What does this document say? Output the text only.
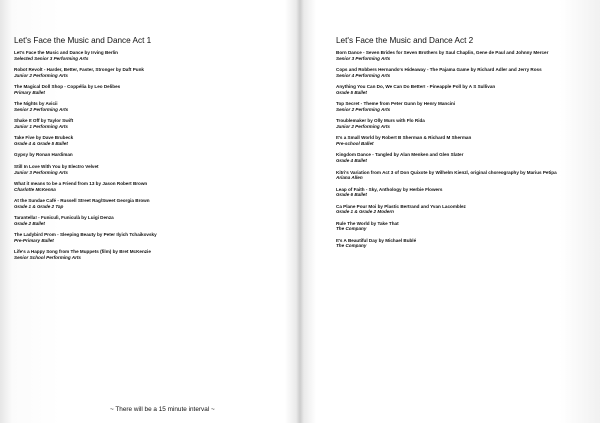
Let's Face the Music and Dance Act 1
Let's Face the Music and Dance by Irving Berlin
Selected Senior 3 Performing Arts
Robot Revolt - Harder, Better, Faster, Stronger by Daft Punk
Junior 2 Performing Arts
The Magical Doll Shop - Coppélia by Leo Delibes
Primary Ballet
The Nights by Avicii
Senior 2 Performing Arts
Shake It Off by Taylor Swift
Junior 1 Performing Arts
Take Five by Dave Brubeck
Grade 4 & Grade 5 Ballet
Gypsy by Ronan Hardiman
Still In Love With You by Electro Velvet
Junior 3 Performing Arts
What it means to be a Friend from 13 by Jason Robert Brown
Charlotte McKenna
At the Sundae Café - Russell Street Rag/Sweet Georgia Brown
Grade 1 & Grade 2 Tap
Tarantella! - Funiculì, Funiculà by Luigi Denza
Grade 2 Ballet
The Ladybird Prom - Sleeping Beauty by Peter Ilyich Tchaikovsky
Pre-Primary Ballet
Life's a Happy Song from The Muppets (film) by Bret McKenzie
Senior School Performing Arts

~ There will be a 15 minute interval ~

Let's Face the Music and Dance Act 2
Born Dance - Seven Brides for Seven Brothers by Saul Chaplin, Gene de Paul and Johnny Mercer
Senior 3 Performing Arts
Cops and Robbers Hernando's Hideaway - The Pajama Game by Richard Adler and Jerry Ross
Senior 4 Performing Arts
Anything You Can Do, We Can Do Better! - Pineapple Poll by A S Sullivan
Grade 5 Ballet
Top Secret - Theme from Peter Gunn by Henry Mancini
Senior 2 Performing Arts
Troublemaker by Olly Murs with Flo Rida
Junior 2 Performing Arts
It's a Small World by Robert B Sherman & Richard M Sherman
Pre-school Ballet
Kingdom Dance - Tangled by Alan Menken and Glen Slater
Grade 4 Ballet
Kitri's Variation from Act 3 of Don Quixote by Wilhelm Kienzl, original choreography by Marius Petipa
Ariana Allen
Leap of Faith - Sky, Anthology by Herbie Flowers
Grade 6 Ballet
Ca Plane Pour Moi by Plastic Bertrand and Yvan Lacomblez
Grade 1 & Grade 2 Modern
Rule The World by Take That
The Company
It's A Beautiful Day by Michael Bublé
The Company
